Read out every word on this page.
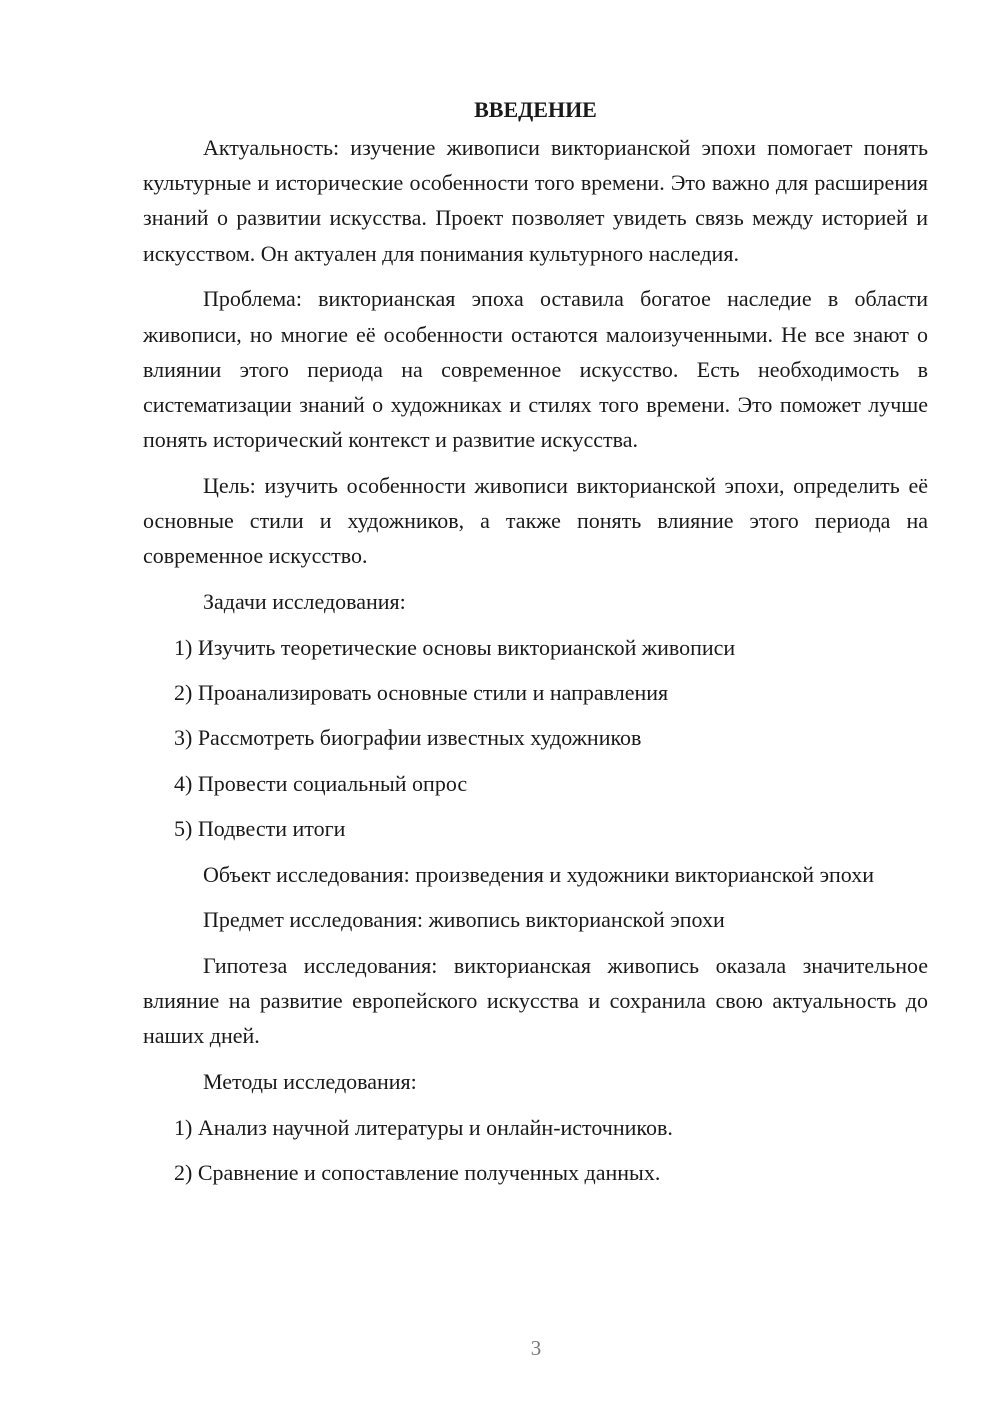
ВВЕДЕНИЕ

Актуальность: изучение живописи викторианской эпохи помогает понять культурные и исторические особенности того времени. Это важно для расширения знаний о развитии искусства. Проект позволяет увидеть связь между историей и искусством. Он актуален для понимания культурного наследия.

Проблема: викторианская эпоха оставила богатое наследие в области живописи, но многие её особенности остаются малоизученными. Не все знают о влиянии этого периода на современное искусство. Есть необходимость в систематизации знаний о художниках и стилях того времени. Это поможет лучше понять исторический контекст и развитие искусства.

Цель: изучить особенности живописи викторианской эпохи, определить её основные стили и художников, а также понять влияние этого периода на современное искусство.

Задачи исследования:

1) Изучить теоретические основы викторианской живописи
2) Проанализировать основные стили и направления
3) Рассмотреть биографии известных художников
4) Провести социальный опрос
5) Подвести итоги

Объект исследования: произведения и художники викторианской эпохи

Предмет исследования: живопись викторианской эпохи

Гипотеза исследования: викторианская живопись оказала значительное влияние на развитие европейского искусства и сохранила свою актуальность до наших дней.

Методы исследования:

1) Анализ научной литературы и онлайн-источников.
2) Сравнение и сопоставление полученных данных.
3
